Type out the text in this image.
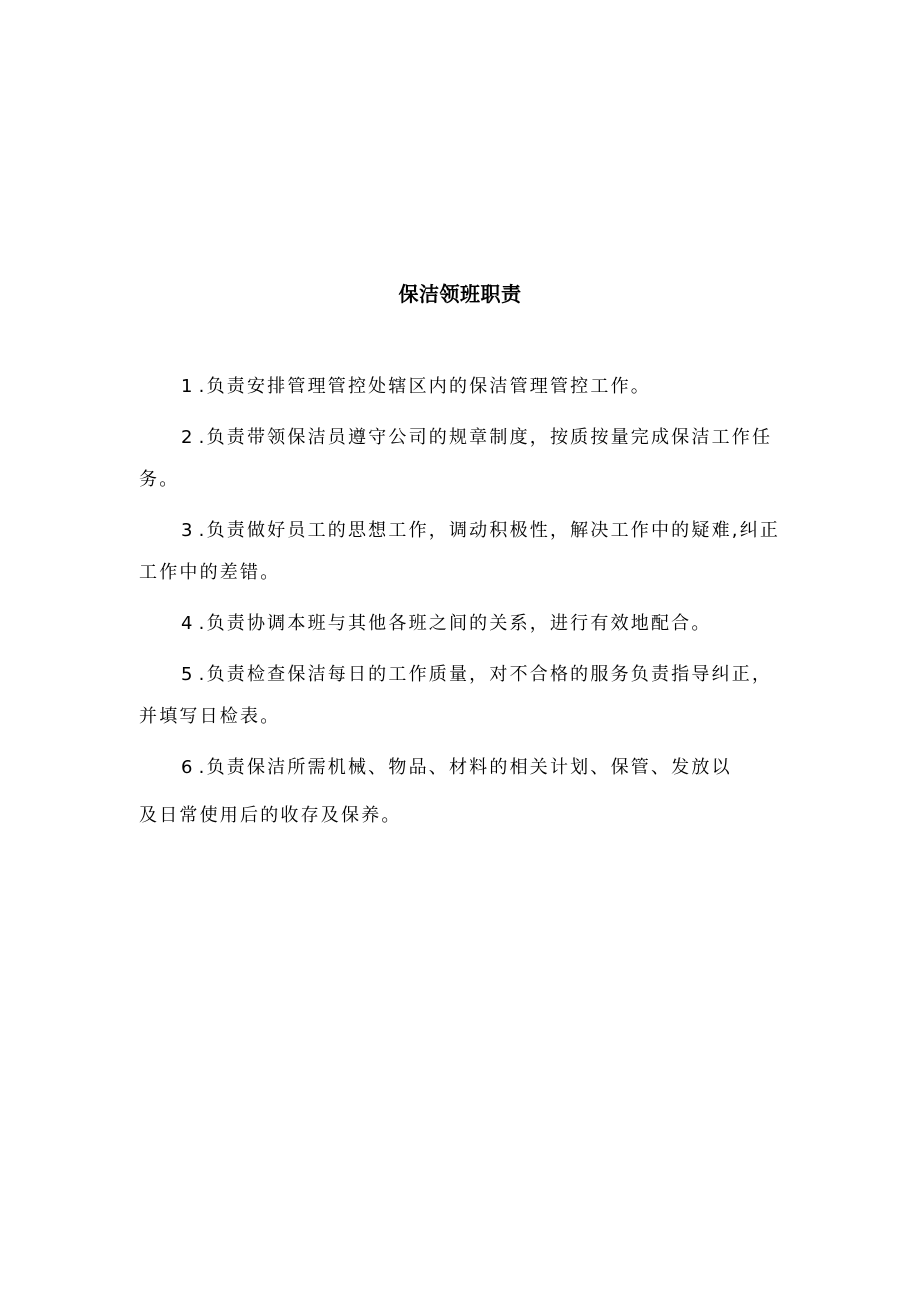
保洁领班职责

1 .负责安排管理管控处辖区内的保洁管理管控工作。

2 .负责带领保洁员遵守公司的规章制度，按质按量完成保洁工作任
务。

3 .负责做好员工的思想工作，调动积极性，解决工作中的疑难,纠正
工作中的差错。

4 .负责协调本班与其他各班之间的关系，进行有效地配合。

5 .负责检查保洁每日的工作质量，对不合格的服务负责指导纠正，
并填写日检表。

6 .负责保洁所需机械、物品、材料的相关计划、保管、发放以
及日常使用后的收存及保养。
